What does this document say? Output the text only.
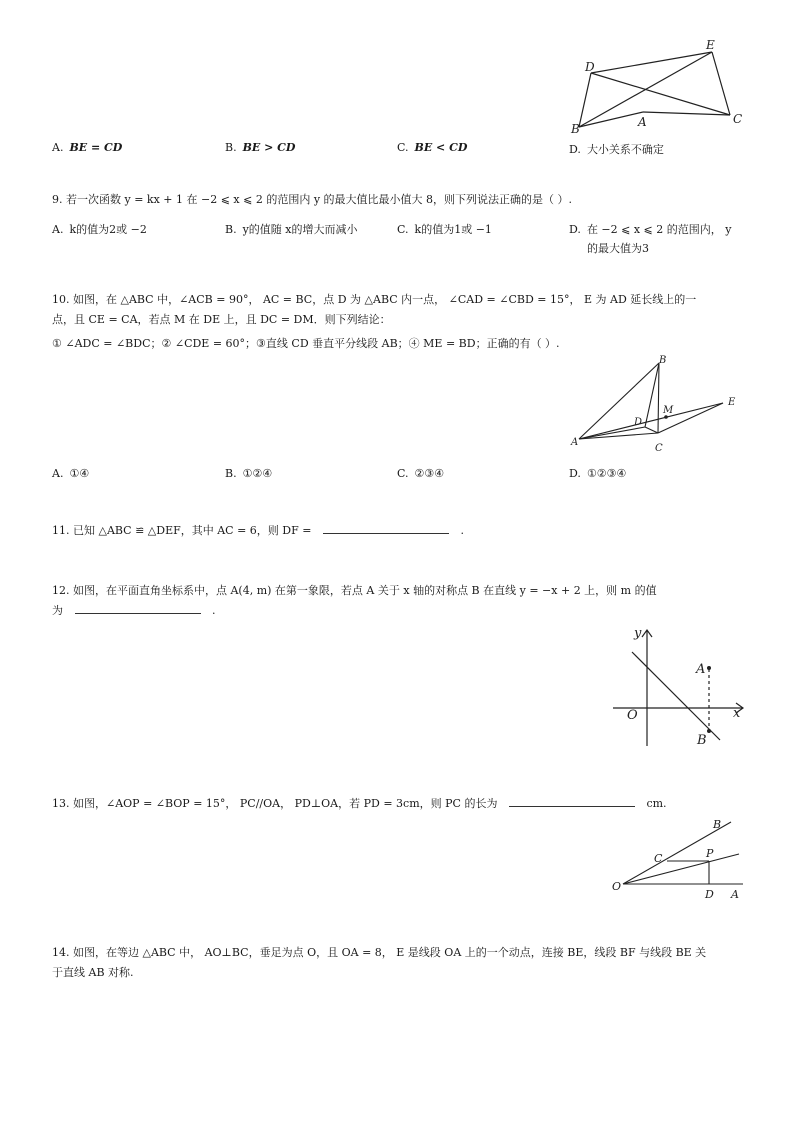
D
E
A
B
C
A. BE = CD	B. BE > CD	C. BE < CD	D. 大小关系不确定
9. 若一次函数 y = kx + 1 在 −2 ⩽ x ⩽ 2 的范围内 y 的最大值比最小值大 8，则下列说法正确的是（ ）.
A. k的值为2或 −2	B. y的值随 x的增大而减小	C. k的值为1或 −1	D. 在 −2 ⩽ x ⩽ 2 的范围内， y
的最大值为3
10. 如图，在 △ABC 中，∠ACB = 90°， AC = BC，点 D 为 △ABC 内一点， ∠CAD = ∠CBD = 15°， E 为 AD 延长线上的一
点，且 CE = CA，若点 M 在 DE 上，且 DC = DM．则下列结论：
① ∠ADC = ∠BDC；② ∠CDE = 60°；③直线 CD 垂直平分线段 AB；④ ME = BD；正确的有（ ）.
B
M
D
E
A
C
A. ①④	B. ①②④	C. ②③④	D. ①②③④
11. 已知 △ABC ≌ △DEF，其中 AC = 6，则 DF =	.
12. 如图，在平面直角坐标系中，点 A(4, m) 在第一象限，若点 A 关于 x 轴的对称点 B 在直线 y = −x + 2 上，则 m 的值
为	.
y
x
O
A
B
13. 如图，∠AOP = ∠BOP = 15°， PC//OA， PD⊥OA，若 PD = 3cm，则 PC 的长为	cm.
B
C	P
O
D A
14. 如图，在等边 △ABC 中， AO⊥BC，垂足为点 O，且 OA = 8， E 是线段 OA 上的一个动点，连接 BE，线段 BF 与线段 BE 关
于直线 AB 对称.
